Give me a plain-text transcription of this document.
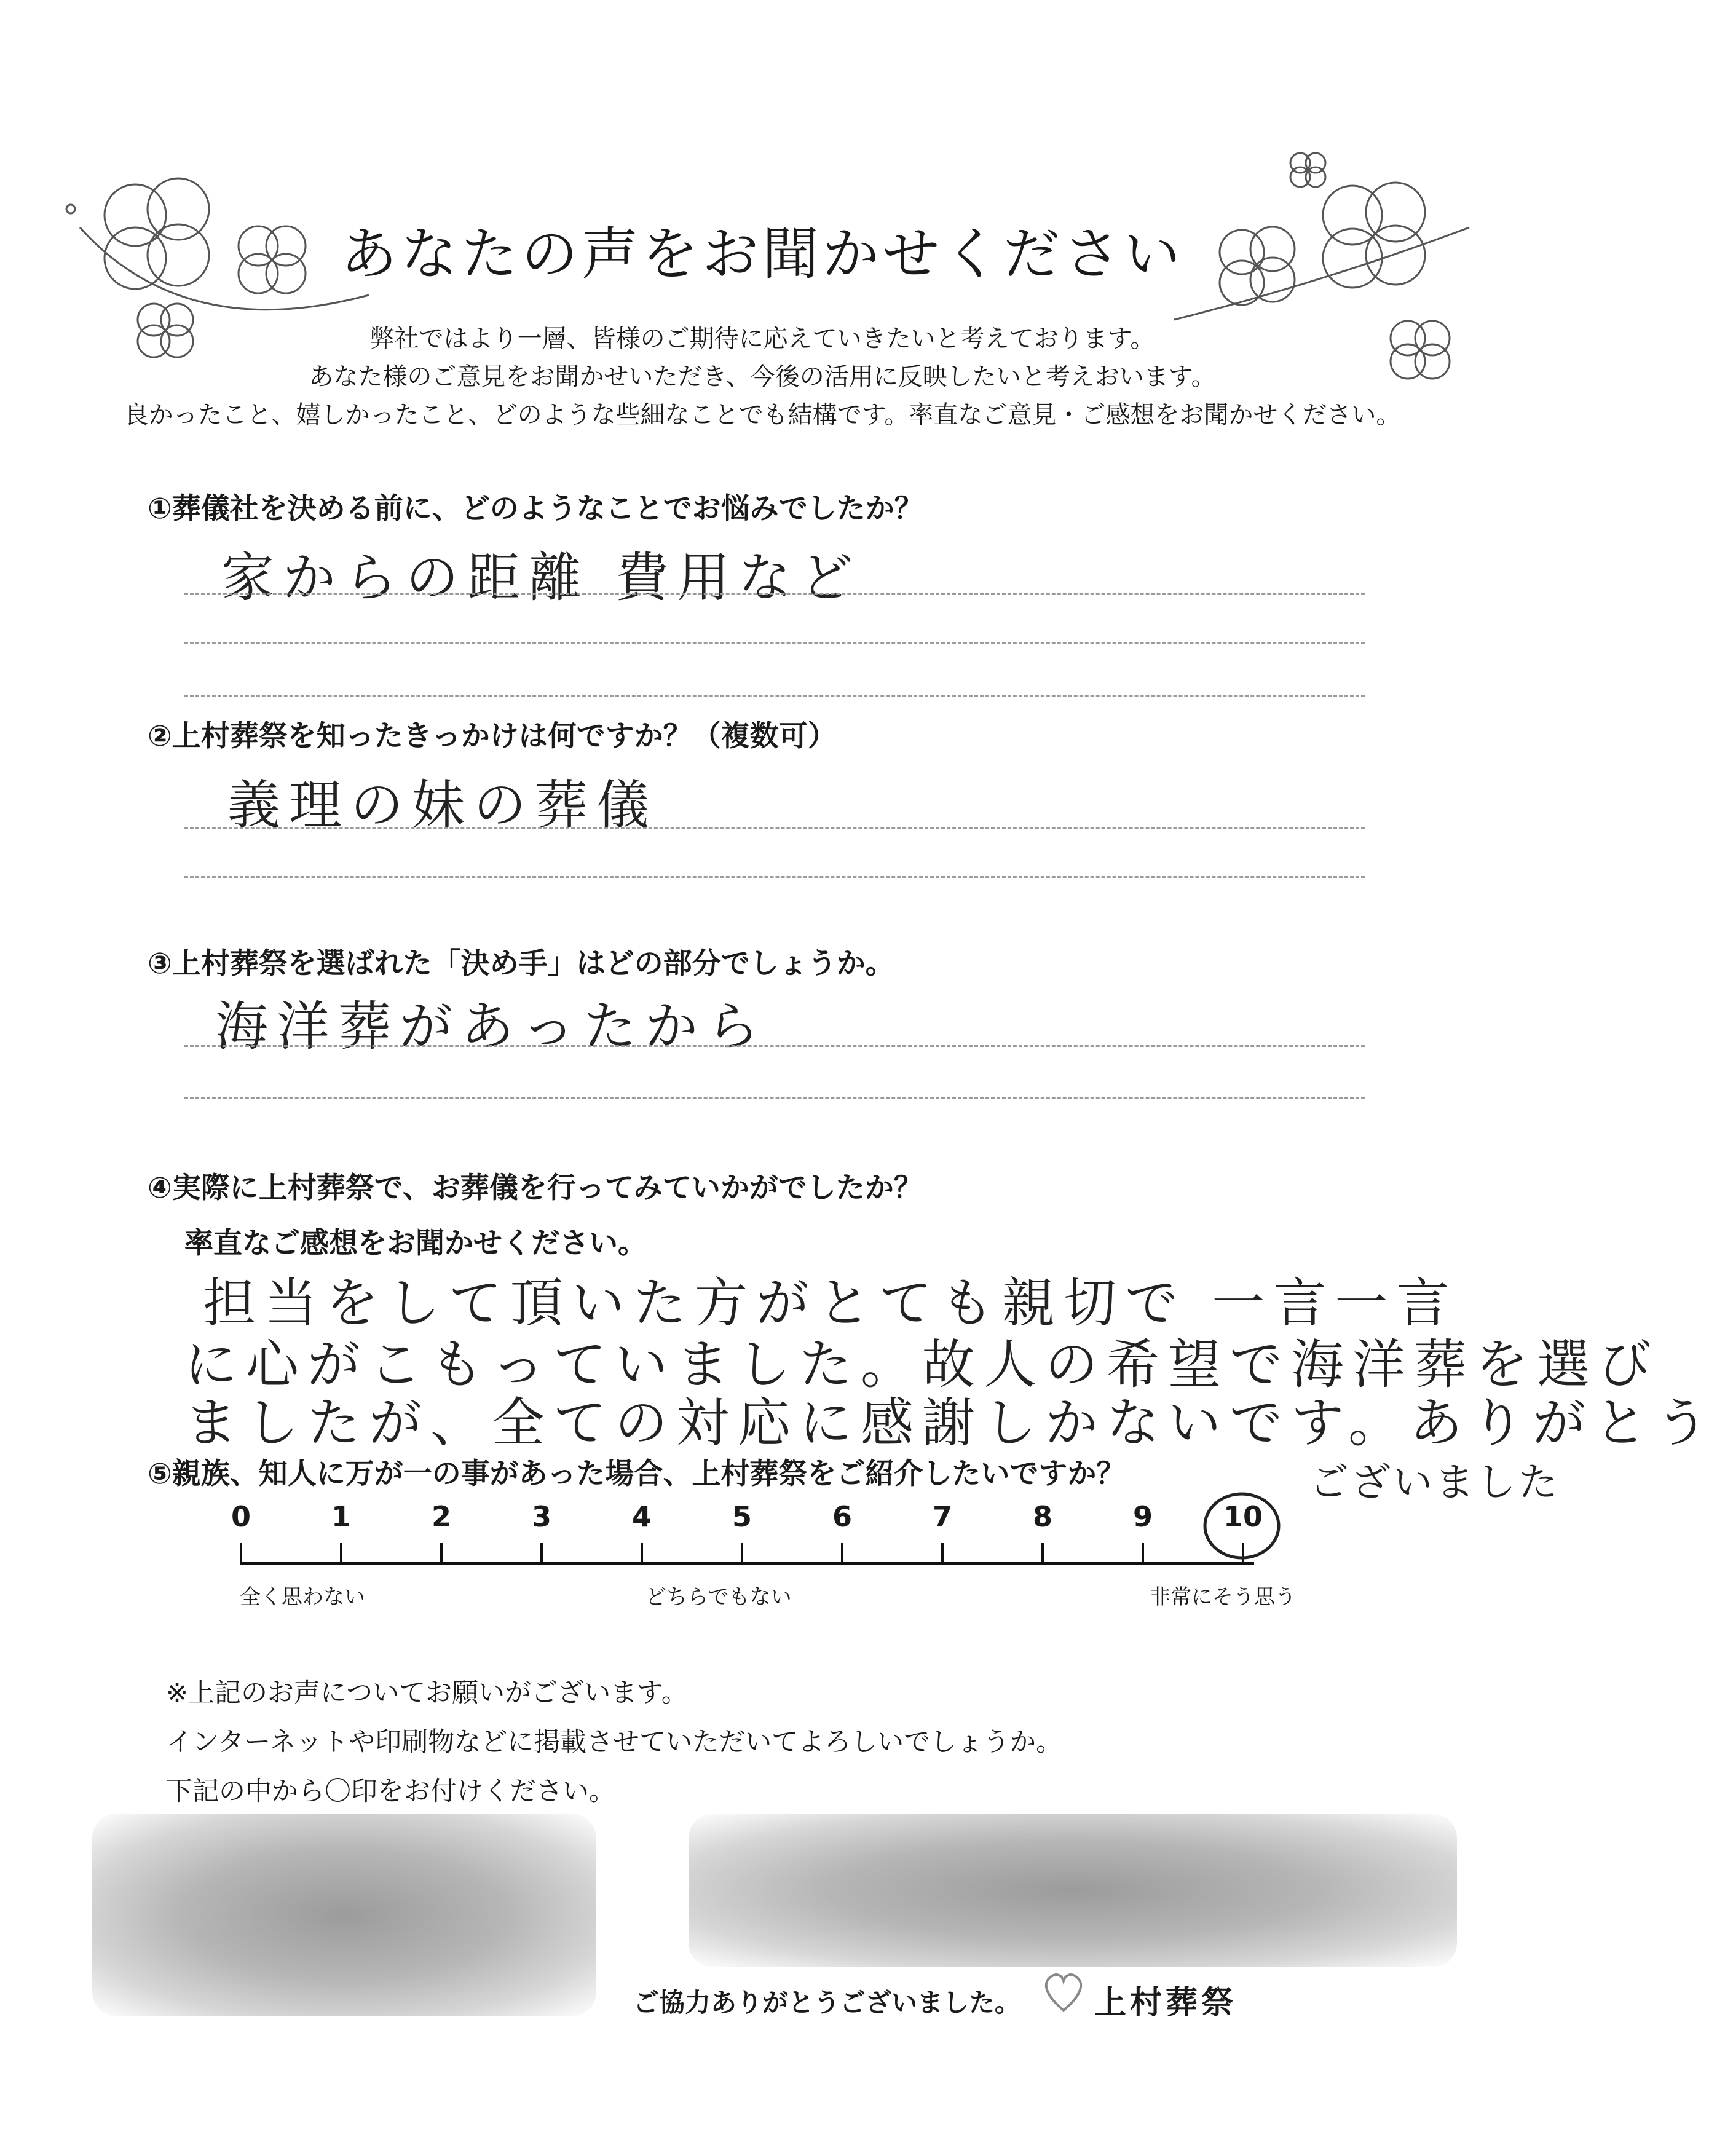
あなたの声をお聞かせください
弊社ではより一層、皆様のご期待に応えていきたいと考えております。
あなた様のご意見をお聞かせいただき、今後の活用に反映したいと考えおいます。
良かったこと、嬉しかったこと、どのような些細なことでも結構です。率直なご意見・ご感想をお聞かせください。
①葬儀社を決める前に、どのようなことでお悩みでしたか？
家からの距離 費用など
②上村葬祭を知ったきっかけは何ですか？（複数可）
義理の妹の葬儀
③上村葬祭を選ばれた「決め手」はどの部分でしょうか。
海洋葬があったから
④実際に上村葬祭で、お葬儀を行ってみていかがでしたか？
率直なご感想をお聞かせください。
担当をして頂いた方がとても親切で 一言一言
に心がこもっていました。故人の希望で海洋葬を選び
ましたが、全ての対応に感謝しかないです。ありがとう
ございました
⑤親族、知人に万が一の事があった場合、上村葬祭をご紹介したいですか？
0	1	2	3	4	5	6	7	8	9	10
全く思わない	どちらでもない	非常にそう思う
※上記のお声についてお願いがございます。
インターネットや印刷物などに掲載させていただいてよろしいでしょうか。
下記の中から〇印をお付けください。
ご協力ありがとうございました。 上村葬祭
